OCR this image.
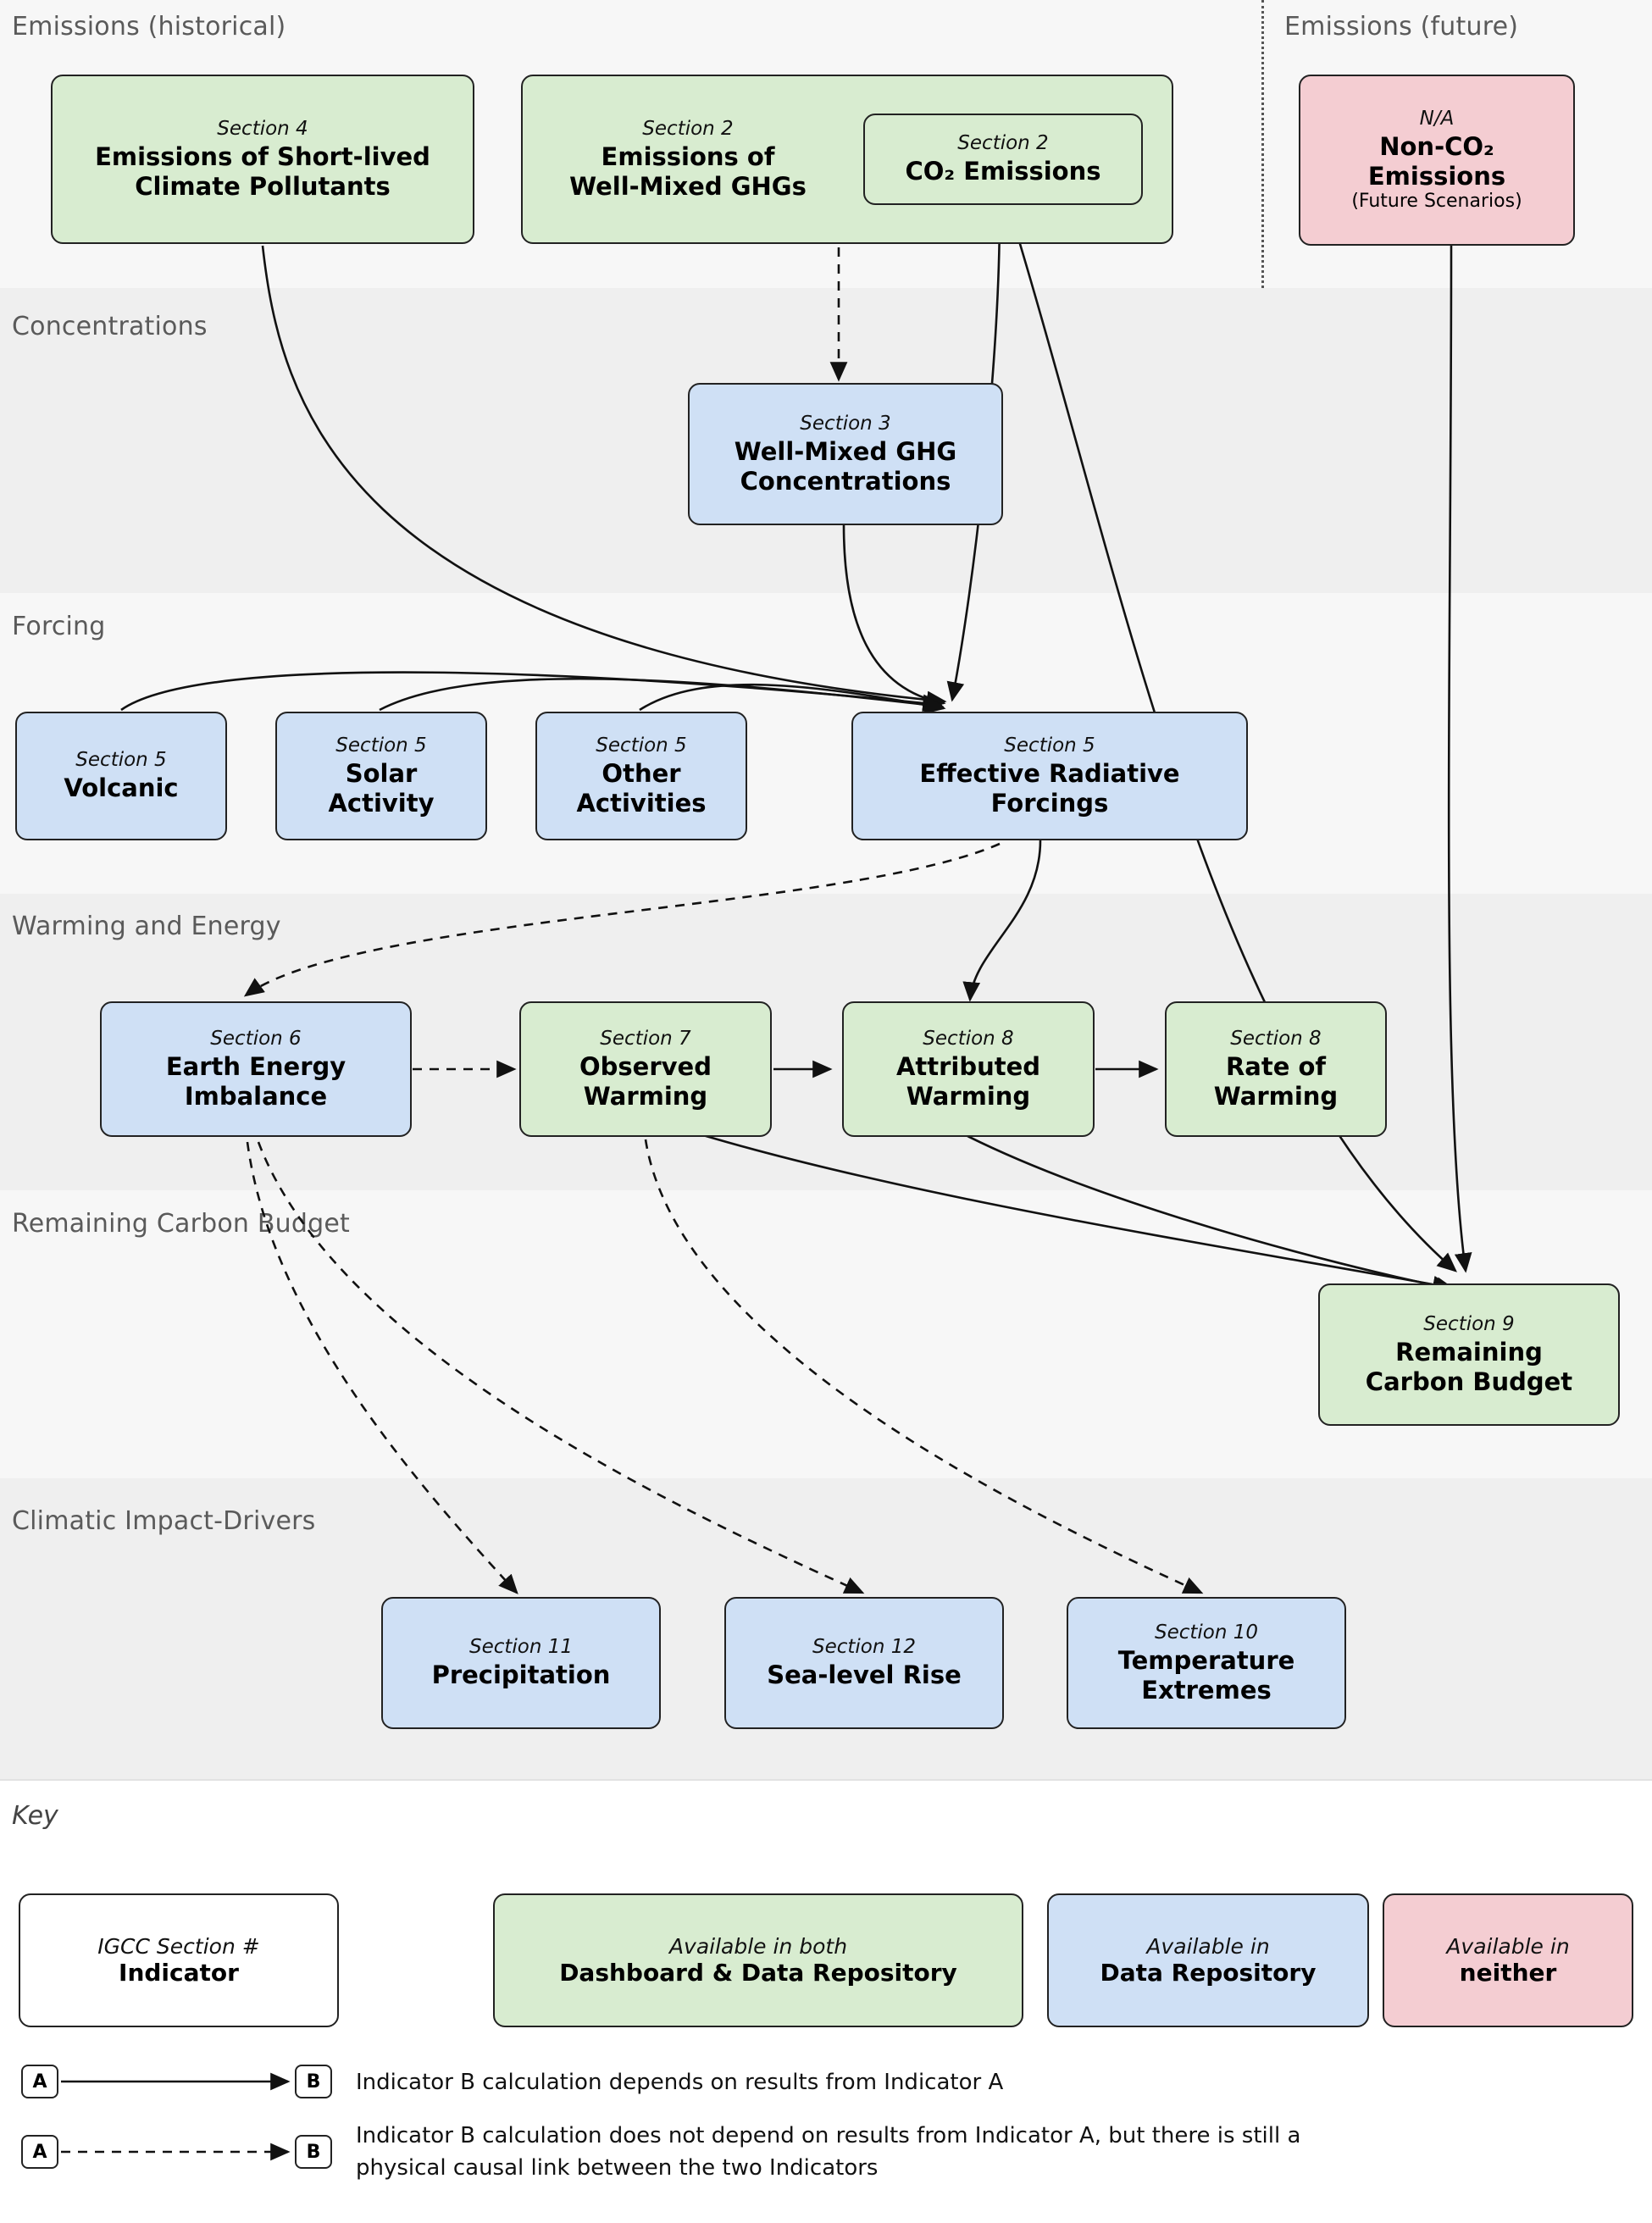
Emissions (historical)	Emissions (future)
Concentrations
Forcing
Warming and Energy
Remaining Carbon Budget
Climatic Impact-Drivers
Section 4
Emissions of Short-lived
Climate Pollutants
Section 2
Emissions of
Well-Mixed GHGs
Section 2
CO₂ Emissions
N/A
Non-CO₂
Emissions
(Future Scenarios)
Section 3
Well-Mixed GHG
Concentrations
Section 5
Volcanic
Section 5
Solar
Activity
Section 5
Other
Activities
Section 5
Effective Radiative
Forcings
Section 6
Earth Energy
Imbalance
Section 7
Observed
Warming
Section 8
Attributed
Warming
Section 8
Rate of
Warming
Section 9
Remaining
Carbon Budget
Section 11
Precipitation
Section 12
Sea-level Rise
Section 10
Temperature
Extremes
Key
IGCC Section #
Indicator
Available in both
Dashboard & Data Repository
Available in
Data Repository
Available in
neither
A	B
A	B
Indicator B calculation depends on results from Indicator A
Indicator B calculation does not depend on results from Indicator A, but there is still a
physical causal link between the two Indicators
